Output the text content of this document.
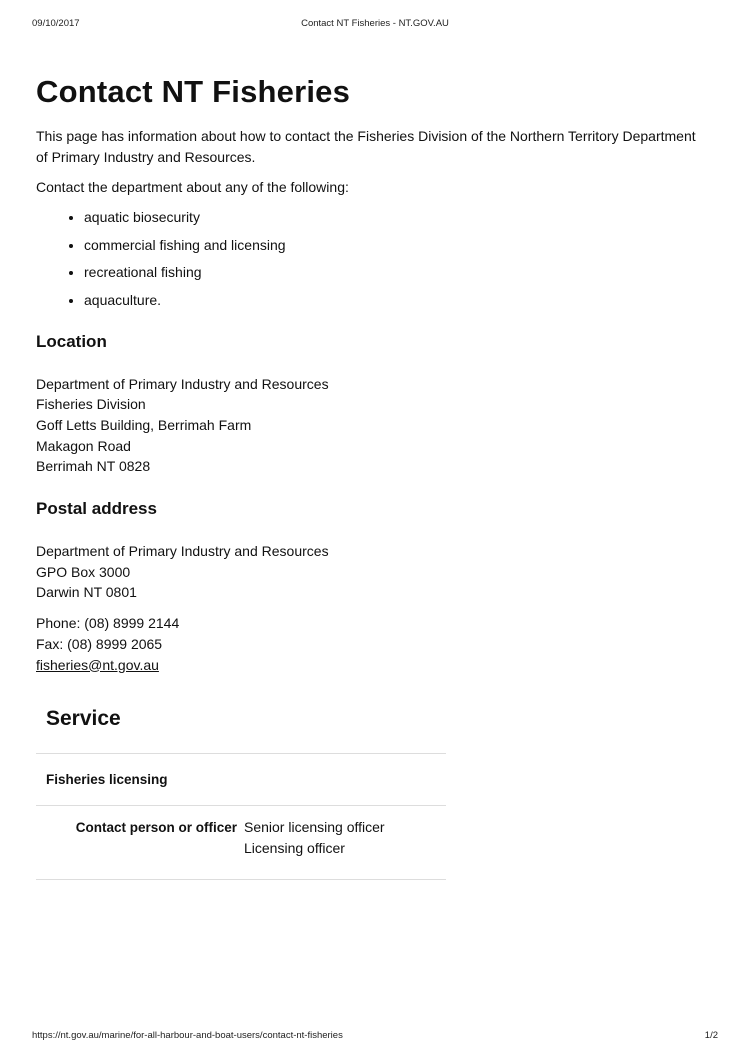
09/10/2017	Contact NT Fisheries - NT.GOV.AU
Contact NT Fisheries

This page has information about how to contact the Fisheries Division of the Northern Territory Department of Primary Industry and Resources.

Contact the department about any of the following:

• aquatic biosecurity
• commercial fishing and licensing
• recreational fishing
• aquaculture.
Location
Department of Primary Industry and Resources
Fisheries Division
Goff Letts Building, Berrimah Farm
Makagon Road
Berrimah NT 0828
Postal address
Department of Primary Industry and Resources
GPO Box 3000
Darwin NT 0801
Phone: (08) 8999 2144
Fax: (08) 8999 2065
fisheries@nt.gov.au
Service
Fisheries licensing
Contact person or officer Senior licensing officer
Licensing officer
https://nt.gov.au/marine/for-all-harbour-and-boat-users/contact-nt-fisheries	1/2
